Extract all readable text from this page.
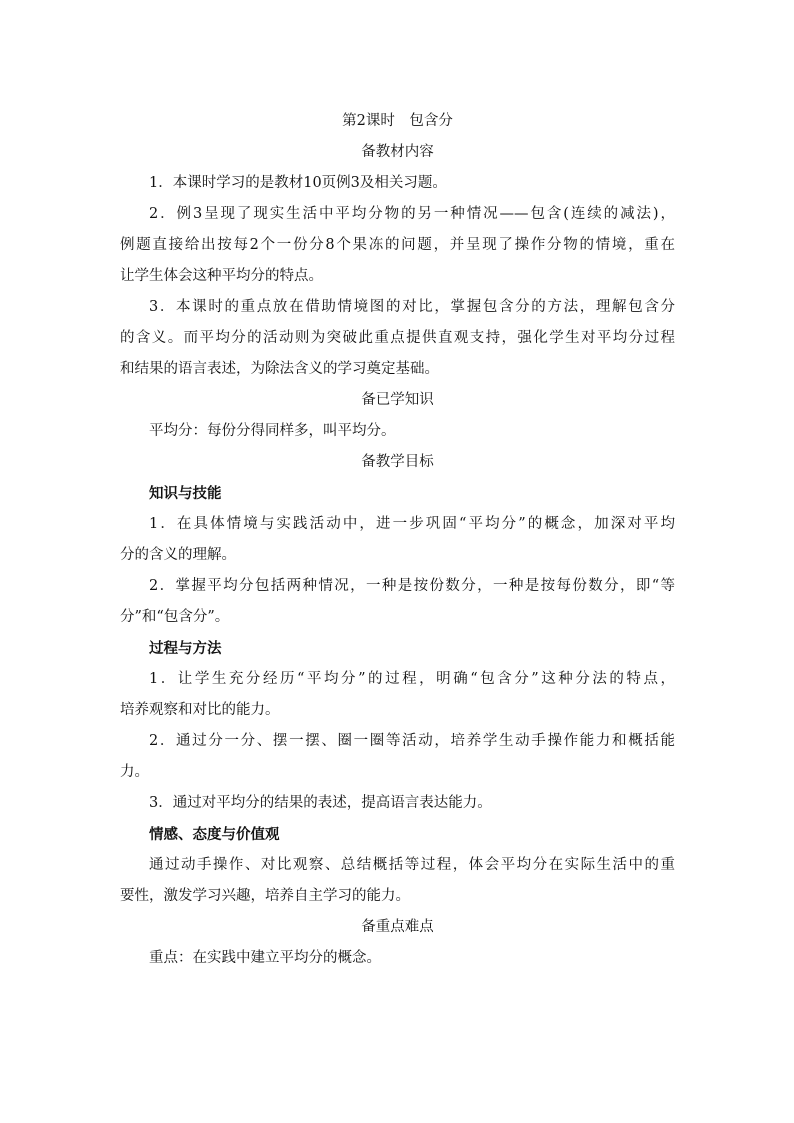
第2课时　包含分
备教材内容
1．本课时学习的是教材10页例3及相关习题。
2．例3呈现了现实生活中平均分物的另一种情况——包含(连续的减法)，
例题直接给出按每2个一份分8个果冻的问题，并呈现了操作分物的情境，重在
让学生体会这种平均分的特点。
3．本课时的重点放在借助情境图的对比，掌握包含分的方法，理解包含分
的含义。而平均分的活动则为突破此重点提供直观支持，强化学生对平均分过程
和结果的语言表述，为除法含义的学习奠定基础。
备已学知识
平均分：每份分得同样多，叫平均分。
备教学目标
知识与技能
1．在具体情境与实践活动中，进一步巩固“平均分”的概念，加深对平均
分的含义的理解。
2．掌握平均分包括两种情况，一种是按份数分，一种是按每份数分，即“等
分”和“包含分”。
过程与方法
1．让学生充分经历“平均分”的过程，明确“包含分”这种分法的特点，
培养观察和对比的能力。
2．通过分一分、摆一摆、圈一圈等活动，培养学生动手操作能力和概括能
力。
3．通过对平均分的结果的表述，提高语言表达能力。
情感、态度与价值观
通过动手操作、对比观察、总结概括等过程，体会平均分在实际生活中的重
要性，激发学习兴趣，培养自主学习的能力。
备重点难点
重点：在实践中建立平均分的概念。
